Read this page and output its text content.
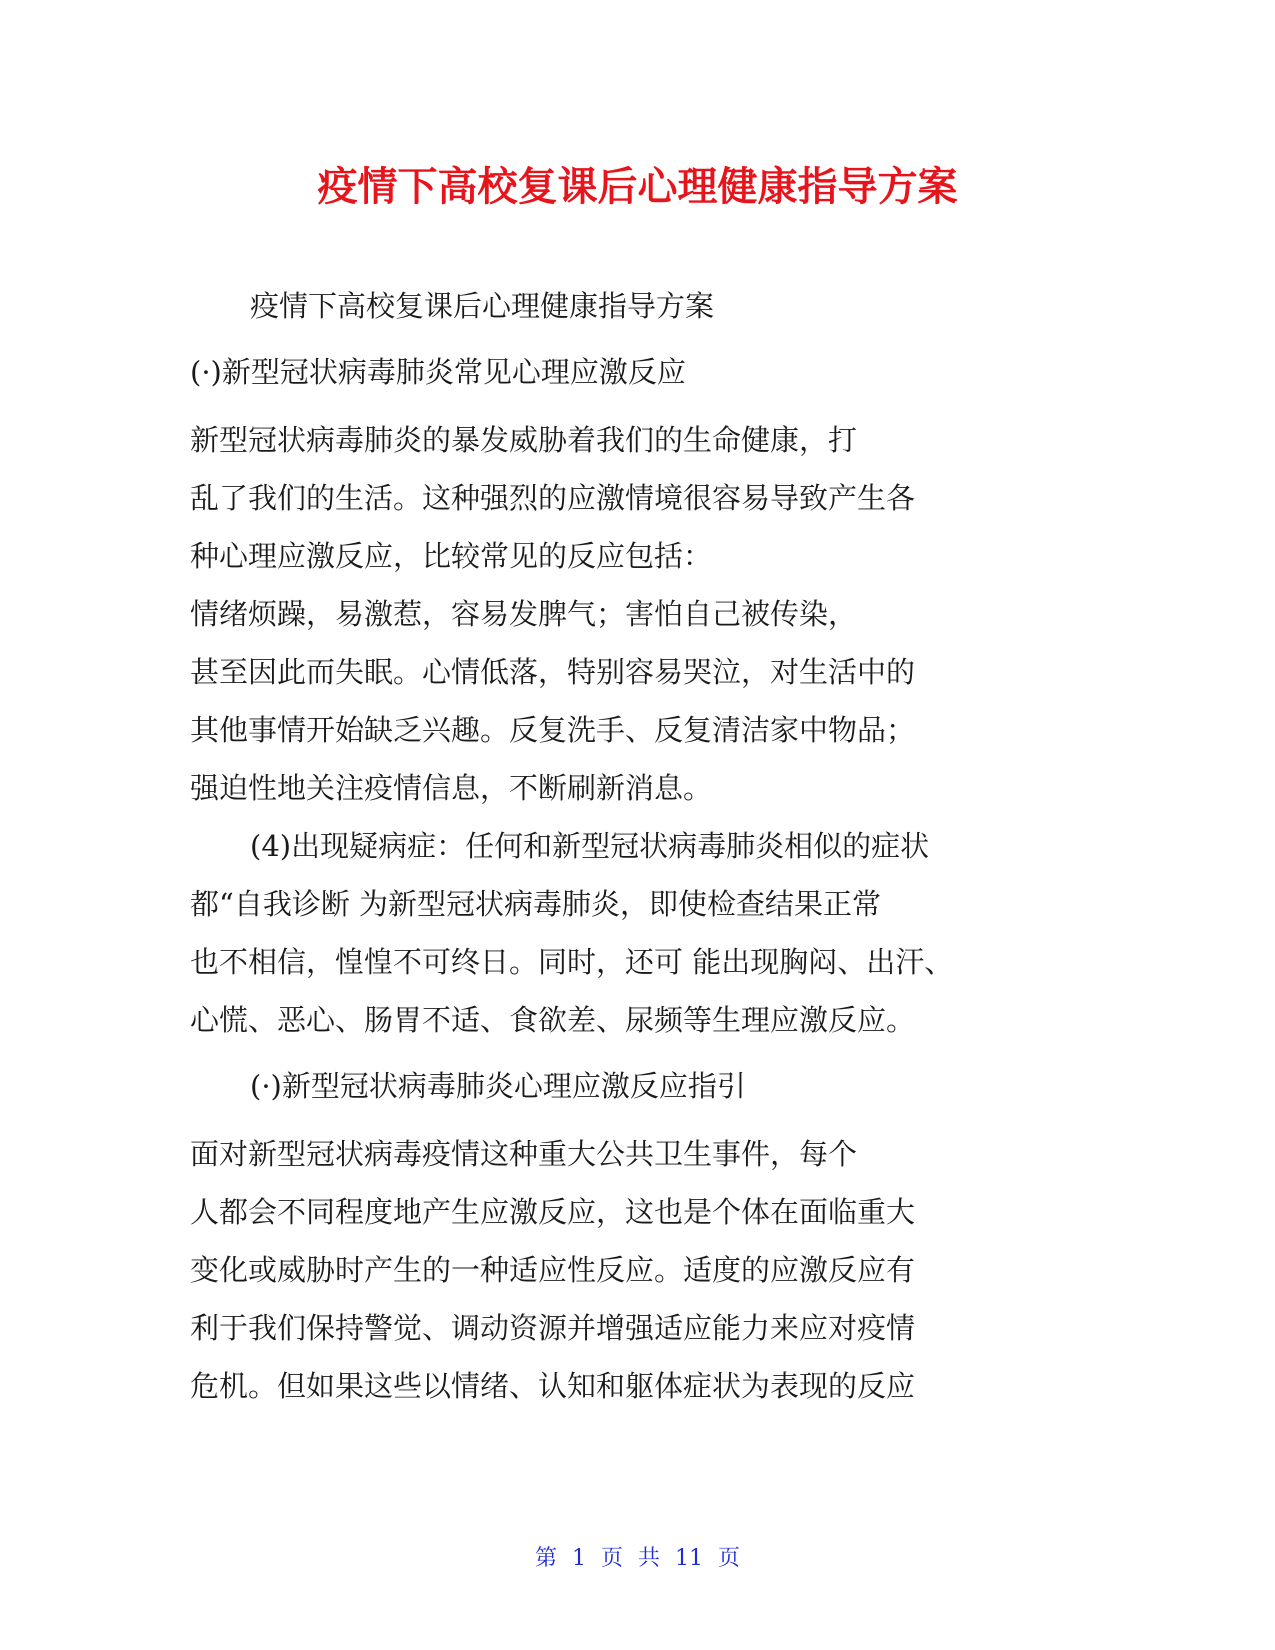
疫情下高校复课后心理健康指导方案

疫情下高校复课后心理健康指导方案

(·)新型冠状病毒肺炎常见心理应激反应

新型冠状病毒肺炎的暴发威胁着我们的生命健康，打

乱了我们的生活。这种强烈的应激情境很容易导致产生各

种心理应激反应，比较常见的反应包括：

情绪烦躁，易激惹，容易发脾气；害怕自己被传染，

甚至因此而失眠。心情低落，特别容易哭泣，对生活中的

其他事情开始缺乏兴趣。反复洗手、反复清洁家中物品；

强迫性地关注疫情信息，不断刷新消息。

(4)出现疑病症：任何和新型冠状病毒肺炎相似的症状

都“自我诊断 为新型冠状病毒肺炎，即使检查结果正常

也不相信，惶惶不可终日。同时，还可 能出现胸闷、出汗、

心慌、恶心、肠胃不适、食欲差、尿频等生理应激反应。

(·)新型冠状病毒肺炎心理应激反应指引

面对新型冠状病毒疫情这种重大公共卫生事件，每个

人都会不同程度地产生应激反应，这也是个体在面临重大

变化或威胁时产生的一种适应性反应。适度的应激反应有

利于我们保持警觉、调动资源并增强适应能力来应对疫情

危机。但如果这些以情绪、认知和躯体症状为表现的反应

第 1 页 共 11 页
